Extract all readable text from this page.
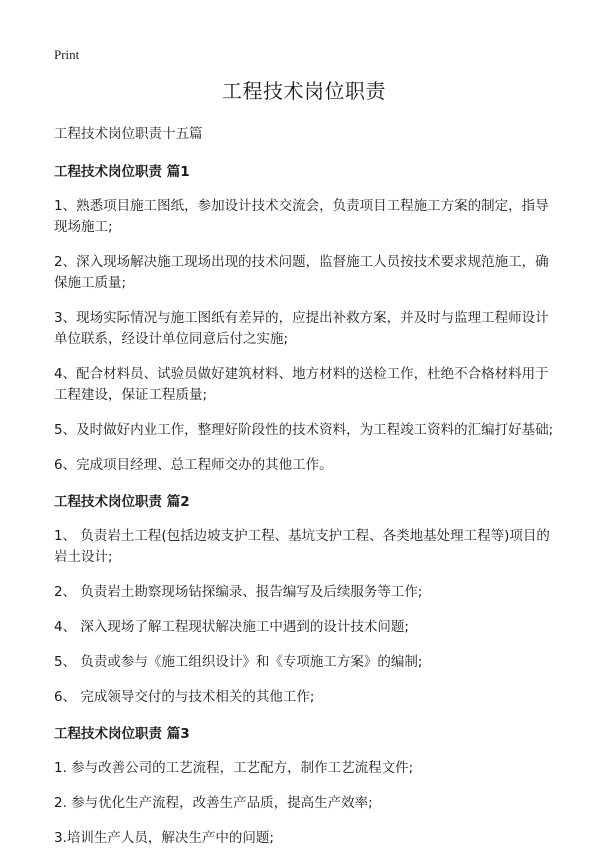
Print
工程技术岗位职责

工程技术岗位职责十五篇

工程技术岗位职责 篇1

1、熟悉项目施工图纸，参加设计技术交流会，负责项目工程施工方案的制定，指导现场施工;

2、深入现场解决施工现场出现的技术问题，监督施工人员按技术要求规范施工，确保施工质量;

3、现场实际情况与施工图纸有差异的，应提出补救方案，并及时与监理工程师设计单位联系，经设计单位同意后付之实施;

4、配合材料员、试验员做好建筑材料、地方材料的送检工作，杜绝不合格材料用于工程建设，保证工程质量;

5、及时做好内业工作，整理好阶段性的技术资料，为工程竣工资料的汇编打好基础;

6、完成项目经理、总工程师交办的其他工作。

工程技术岗位职责 篇2

1、 负责岩土工程(包括边坡支护工程、基坑支护工程、各类地基处理工程等)项目的岩土设计;

2、 负责岩土勘察现场钻探编录、报告编写及后续服务等工作;

4、 深入现场了解工程现状解决施工中遇到的设计技术问题;

5、 负责或参与《施工组织设计》和《专项施工方案》的编制;

6、 完成领导交付的与技术相关的其他工作;

工程技术岗位职责 篇3

1. 参与改善公司的工艺流程，工艺配方，制作工艺流程文件;

2. 参与优化生产流程，改善生产品质，提高生产效率;

3.培训生产人员，解决生产中的问题;
